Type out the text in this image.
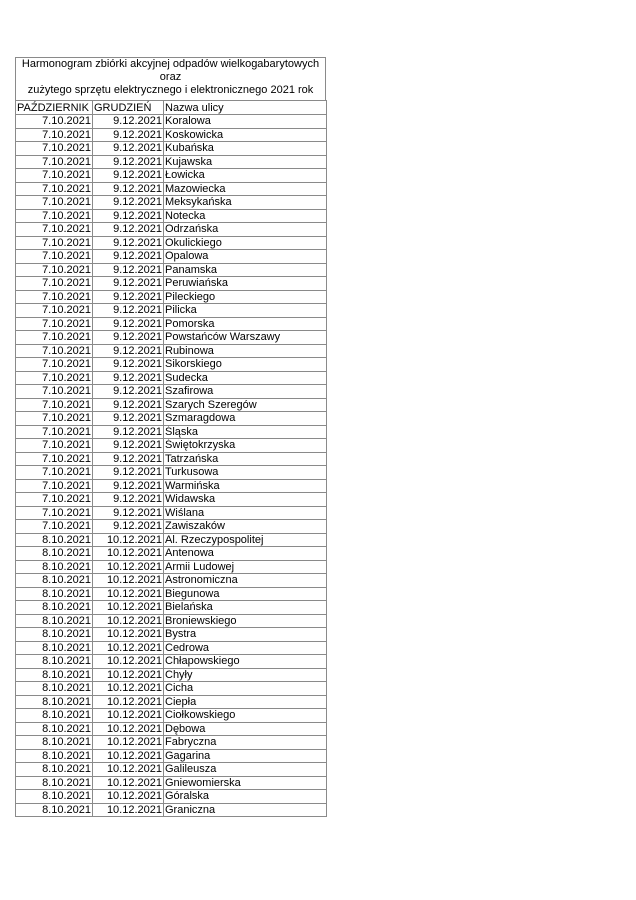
Harmonogram zbiórki akcyjnej odpadów wielkogabarytowych oraz
zużytego sprzętu elektrycznego i elektronicznego 2021 rok
PAŹDZIERNIK	GRUDZIEŃ	Nazwa ulicy
7.10.2021	9.12.2021	Koralowa
7.10.2021	9.12.2021	Koskowicka
7.10.2021	9.12.2021	Kubańska
7.10.2021	9.12.2021	Kujawska
7.10.2021	9.12.2021	Łowicka
7.10.2021	9.12.2021	Mazowiecka
7.10.2021	9.12.2021	Meksykańska
7.10.2021	9.12.2021	Notecka
7.10.2021	9.12.2021	Odrzańska
7.10.2021	9.12.2021	Okulickiego
7.10.2021	9.12.2021	Opalowa
7.10.2021	9.12.2021	Panamska
7.10.2021	9.12.2021	Peruwiańska
7.10.2021	9.12.2021	Pileckiego
7.10.2021	9.12.2021	Pilicka
7.10.2021	9.12.2021	Pomorska
7.10.2021	9.12.2021	Powstańców Warszawy
7.10.2021	9.12.2021	Rubinowa
7.10.2021	9.12.2021	Sikorskiego
7.10.2021	9.12.2021	Sudecka
7.10.2021	9.12.2021	Szafirowa
7.10.2021	9.12.2021	Szarych Szeregów
7.10.2021	9.12.2021	Szmaragdowa
7.10.2021	9.12.2021	Śląska
7.10.2021	9.12.2021	Świętokrzyska
7.10.2021	9.12.2021	Tatrzańska
7.10.2021	9.12.2021	Turkusowa
7.10.2021	9.12.2021	Warmińska
7.10.2021	9.12.2021	Widawska
7.10.2021	9.12.2021	Wiślana
7.10.2021	9.12.2021	Zawiszaków
8.10.2021	10.12.2021	Al. Rzeczypospolitej
8.10.2021	10.12.2021	Antenowa
8.10.2021	10.12.2021	Armii Ludowej
8.10.2021	10.12.2021	Astronomiczna
8.10.2021	10.12.2021	Biegunowa
8.10.2021	10.12.2021	Bielańska
8.10.2021	10.12.2021	Broniewskiego
8.10.2021	10.12.2021	Bystra
8.10.2021	10.12.2021	Cedrowa
8.10.2021	10.12.2021	Chłapowskiego
8.10.2021	10.12.2021	Chyły
8.10.2021	10.12.2021	Cicha
8.10.2021	10.12.2021	Ciepła
8.10.2021	10.12.2021	Ciołkowskiego
8.10.2021	10.12.2021	Dębowa
8.10.2021	10.12.2021	Fabryczna
8.10.2021	10.12.2021	Gagarina
8.10.2021	10.12.2021	Galileusza
8.10.2021	10.12.2021	Gniewomierska
8.10.2021	10.12.2021	Góralska
8.10.2021	10.12.2021	Graniczna
